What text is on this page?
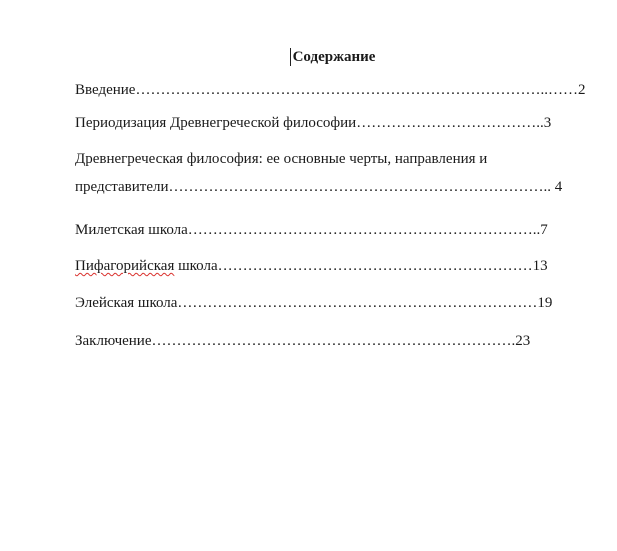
Содержание
Введение………………………………………………………………………..……2
Периодизация Древнегреческой философии………………………………..3
Древнегреческая философия: ее основные черты, направления и
представители………………………………………………………………….. 4
Милетская школа……………………………………………………………..7
Пифагорийская школа………………………………………………………13
Элейская школа………………………………………………………………19
Заключение……………………………………………………………….23
